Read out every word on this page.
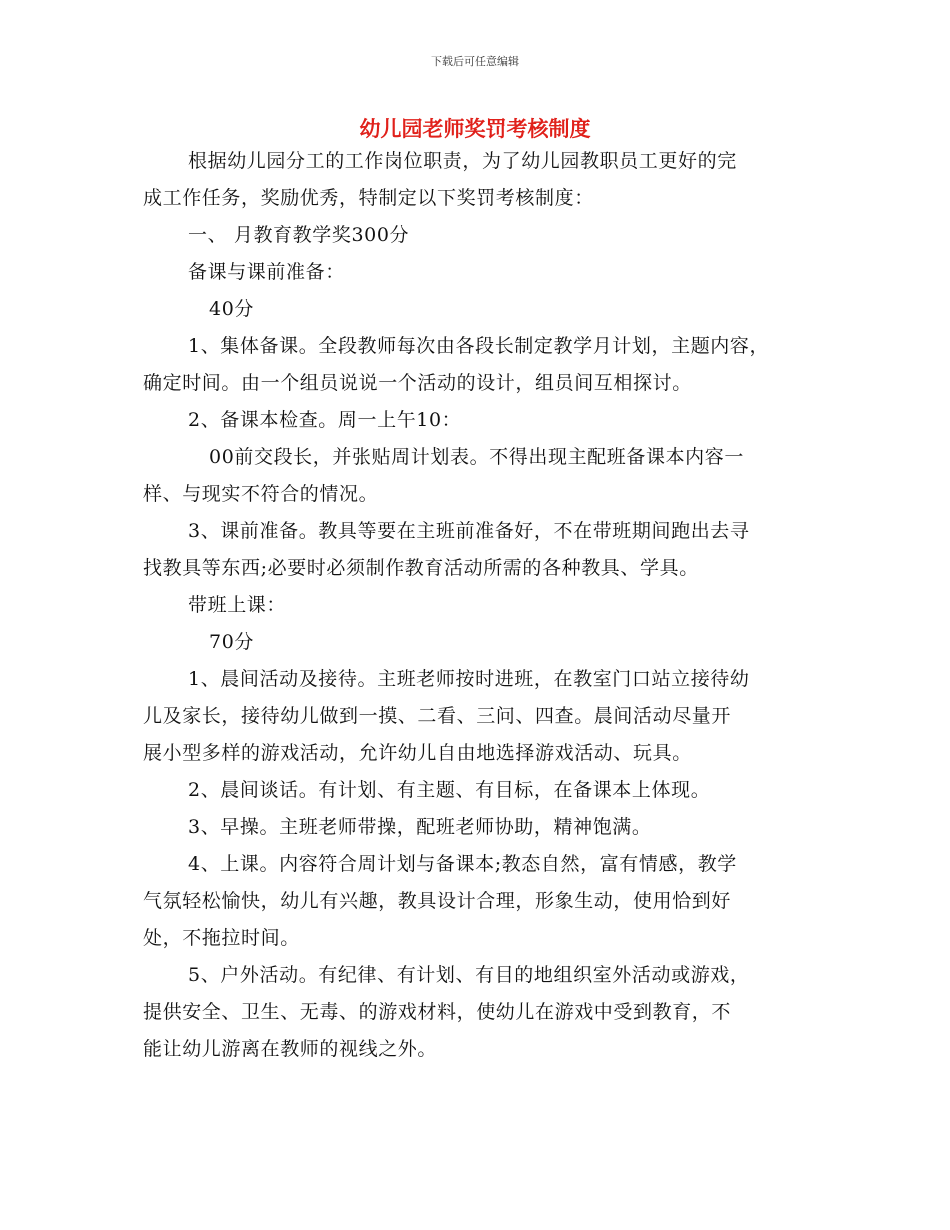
下载后可任意编辑
幼儿园老师奖罚考核制度
根据幼儿园分工的工作岗位职责，为了幼儿园教职员工更好的完
成工作任务，奖励优秀，特制定以下奖罚考核制度：
一、 月教育教学奖300分
备课与课前准备：
40分
1、集体备课。全段教师每次由各段长制定教学月计划，主题内容，
确定时间。由一个组员说说一个活动的设计，组员间互相探讨。
2、备课本检查。周一上午10：
00前交段长，并张贴周计划表。不得出现主配班备课本内容一
样、与现实不符合的情况。
3、课前准备。教具等要在主班前准备好，不在带班期间跑出去寻
找教具等东西;必要时必须制作教育活动所需的各种教具、学具。
带班上课：
70分
1、晨间活动及接待。主班老师按时进班，在教室门口站立接待幼
儿及家长，接待幼儿做到一摸、二看、三问、四查。晨间活动尽量开
展小型多样的游戏活动，允许幼儿自由地选择游戏活动、玩具。
2、晨间谈话。有计划、有主题、有目标，在备课本上体现。
3、早操。主班老师带操，配班老师协助，精神饱满。
4、上课。内容符合周计划与备课本;教态自然，富有情感，教学
气氛轻松愉快，幼儿有兴趣，教具设计合理，形象生动，使用恰到好
处，不拖拉时间。
5、户外活动。有纪律、有计划、有目的地组织室外活动或游戏，
提供安全、卫生、无毒、的游戏材料，使幼儿在游戏中受到教育，不
能让幼儿游离在教师的视线之外。
